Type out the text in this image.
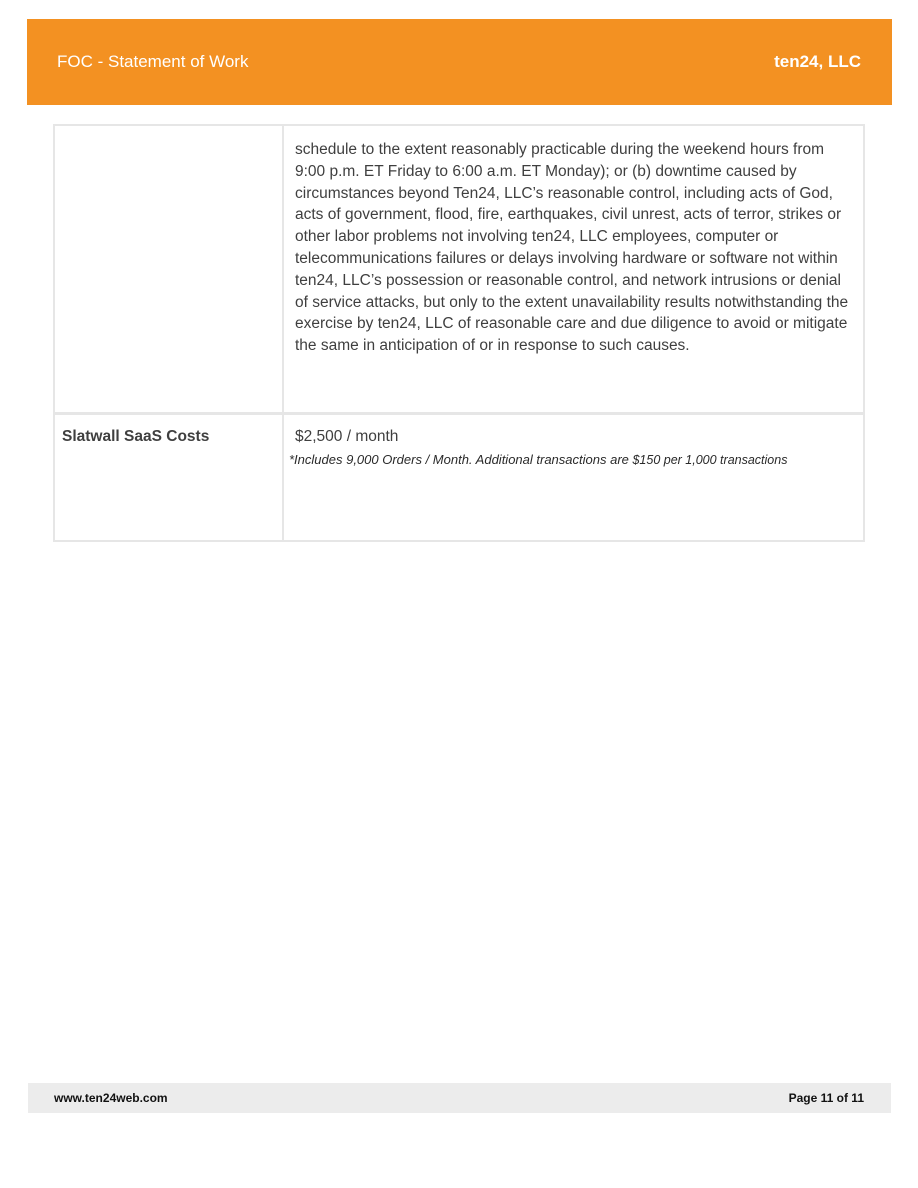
FOC - Statement of Work	ten24, LLC
schedule to the extent reasonably practicable during the weekend hours from 9:00 p.m. ET Friday to 6:00 a.m. ET Monday); or (b) downtime caused by circumstances beyond Ten24, LLC’s reasonable control, including acts of God, acts of government, flood, fire, earthquakes, civil unrest, acts of terror, strikes or other labor problems not involving ten24, LLC employees, computer or telecommunications failures or delays involving hardware or software not within ten24, LLC’s possession or reasonable control, and network intrusions or denial of service attacks, but only to the extent unavailability results notwithstanding the exercise by ten24, LLC of reasonable care and due diligence to avoid or mitigate the same in anticipation of or in response to such causes.
Slatwall SaaS Costs	$2,500 / month
*Includes 9,000 Orders / Month. Additional transactions are $150 per 1,000 transactions
www.ten24web.com	Page 11 of 11
